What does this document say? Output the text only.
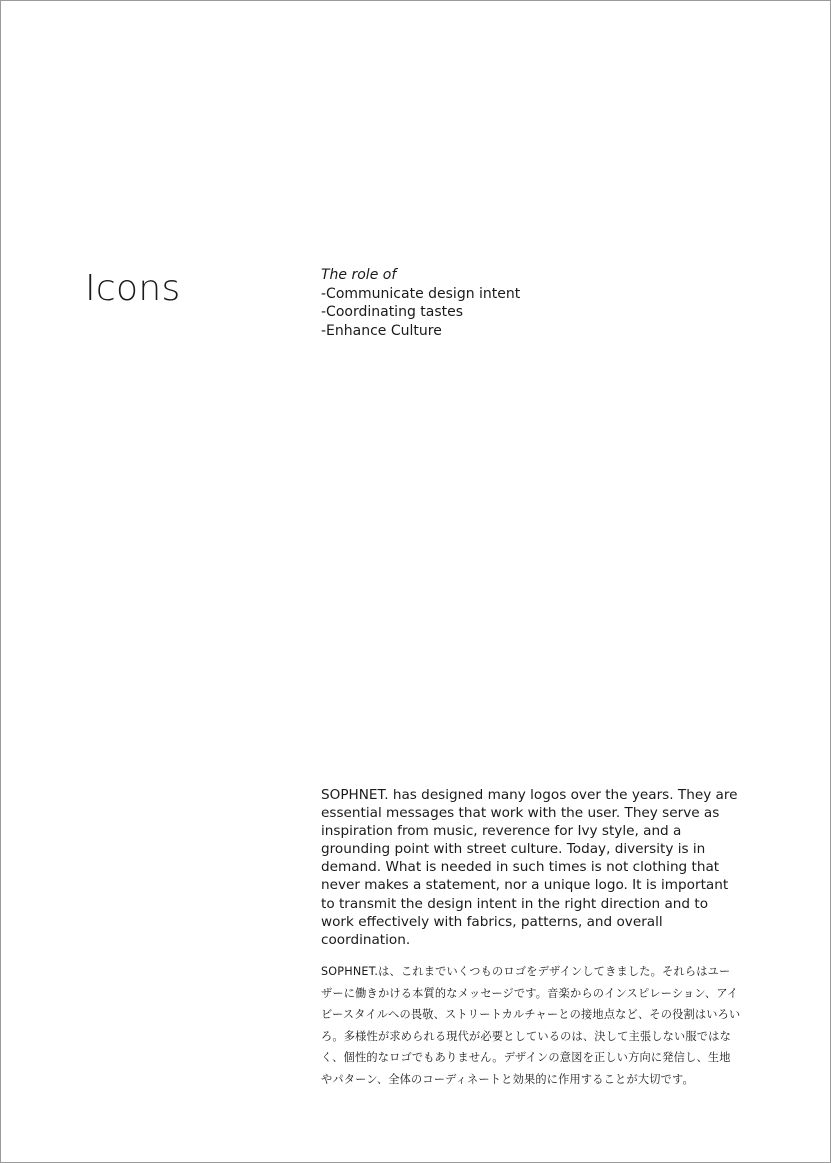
Icons	The role of
-Communicate design intent
-Coordinating tastes
-Enhance Culture

SOPHNET. has designed many logos over the years. They are essential messages that work with the user. They serve as inspiration from music, reverence for Ivy style, and a grounding point with street culture. Today, diversity is in demand. What is needed in such times is not clothing that never makes a statement, nor a unique logo. It is important to transmit the design intent in the right direction and to work effectively with fabrics, patterns, and overall coordination.

SOPHNET.は、これまでいくつものロゴをデザインしてきました。それらはユーザーに働きかける本質的なメッセージです。音楽からのインスピレーション、アイビースタイルへの畏敬、ストリートカルチャーとの接地点など、その役割はいろいろ。多様性が求められる現代が必要としているのは、決して主張しない服ではなく、個性的なロゴでもありません。デザインの意図を正しい方向に発信し、生地やパターン、全体のコーディネートと効果的に作用することが大切です。
